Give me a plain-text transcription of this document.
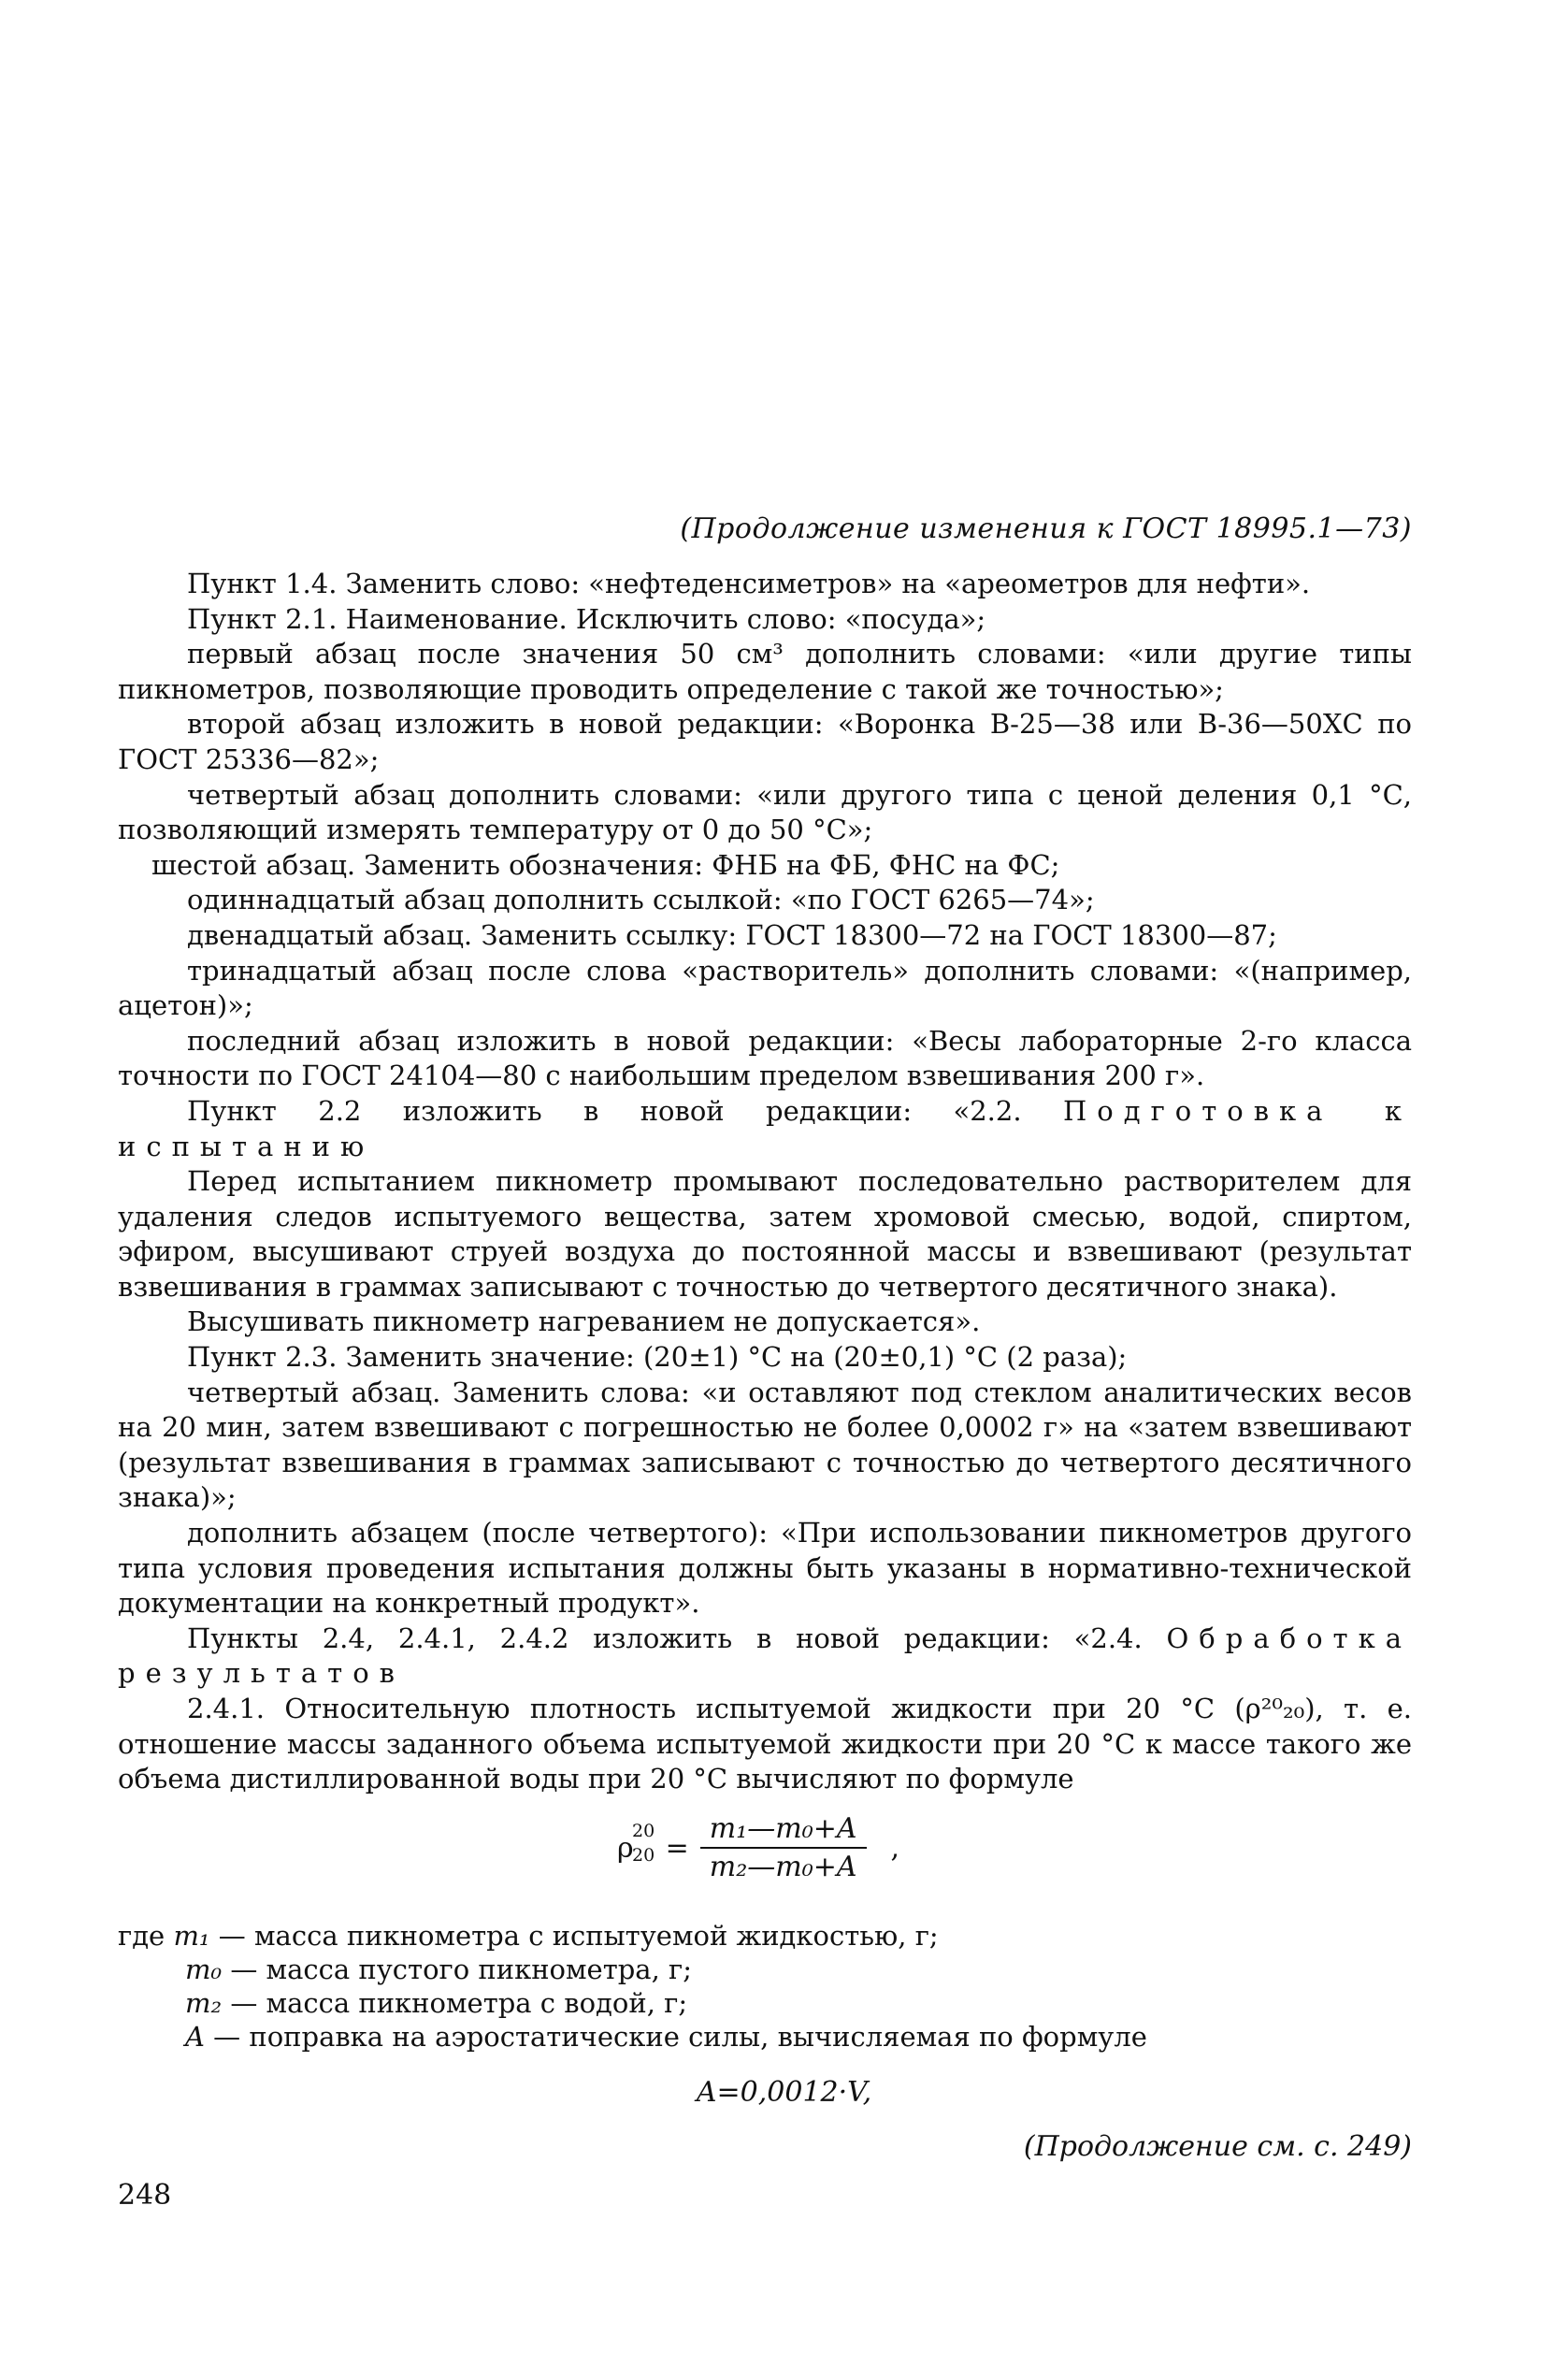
(Продолжение изменения к ГОСТ 18995.1—73)

Пункт 1.4. Заменить слово: «нефтеденсиметров» на «ареометров для нефти».

Пункт 2.1. Наименование. Исключить слово: «посуда»;

первый абзац после значения 50 см³ дополнить словами: «или другие типы пикнометров, позволяющие проводить определение с такой же точностью»;

второй абзац изложить в новой редакции: «Воронка В-25—38 или В-36—50ХС по ГОСТ 25336—82»;

четвертый абзац дополнить словами: «или другого типа с ценой деления 0,1 °С, позволяющий измерять температуру от 0 до 50 °С»;

шестой абзац. Заменить обозначения: ФНБ на ФБ, ФНС на ФС;

одиннадцатый абзац дополнить ссылкой: «по ГОСТ 6265—74»;

двенадцатый абзац. Заменить ссылку: ГОСТ 18300—72 на ГОСТ 18300—87;

тринадцатый абзац после слова «растворитель» дополнить словами: «(например, ацетон)»;

последний абзац изложить в новой редакции: «Весы лабораторные 2-го класса точности по ГОСТ 24104—80 с наибольшим пределом взвешивания 200 г».

Пункт 2.2 изложить в новой редакции: «2.2. Подготовка к испытанию

Перед испытанием пикнометр промывают последовательно растворителем для удаления следов испытуемого вещества, затем хромовой смесью, водой, спиртом, эфиром, высушивают струей воздуха до постоянной массы и взвешивают (результат взвешивания в граммах записывают с точностью до четвертого десятичного знака).

Высушивать пикнометр нагреванием не допускается».

Пункт 2.3. Заменить значение: (20±1) °С на (20±0,1) °С (2 раза);

четвертый абзац. Заменить слова: «и оставляют под стеклом аналитических весов на 20 мин, затем взвешивают с погрешностью не более 0,0002 г» на «затем взвешивают (результат взвешивания в граммах записывают с точностью до четвертого десятичного знака)»;

дополнить абзацем (после четвертого): «При использовании пикнометров другого типа условия проведения испытания должны быть указаны в нормативно-технической документации на конкретный продукт».

Пункты 2.4, 2.4.1, 2.4.2 изложить в новой редакции: «2.4. Обработка результатов

2.4.1. Относительную плотность испытуемой жидкости при 20 °С (ρ²⁰₂₀), т. е. отношение массы заданного объема испытуемой жидкости при 20 °С к массе такого же объема дистиллированной воды при 20 °С вычисляют по формуле

ρ
20
$20 = \frac{\text{m₁—m₀+A}}{\text{m₂—m₀+A}}$ ,
где m₁ — масса пикнометра с испытуемой жидкостью, г;
m₀ — масса пустого пикнометра, г;
m₂ — масса пикнометра с водой, г;
A — поправка на аэростатические силы, вычисляемая по формуле
A=0,0012·V,
(Продолжение см. с. 249)
248
